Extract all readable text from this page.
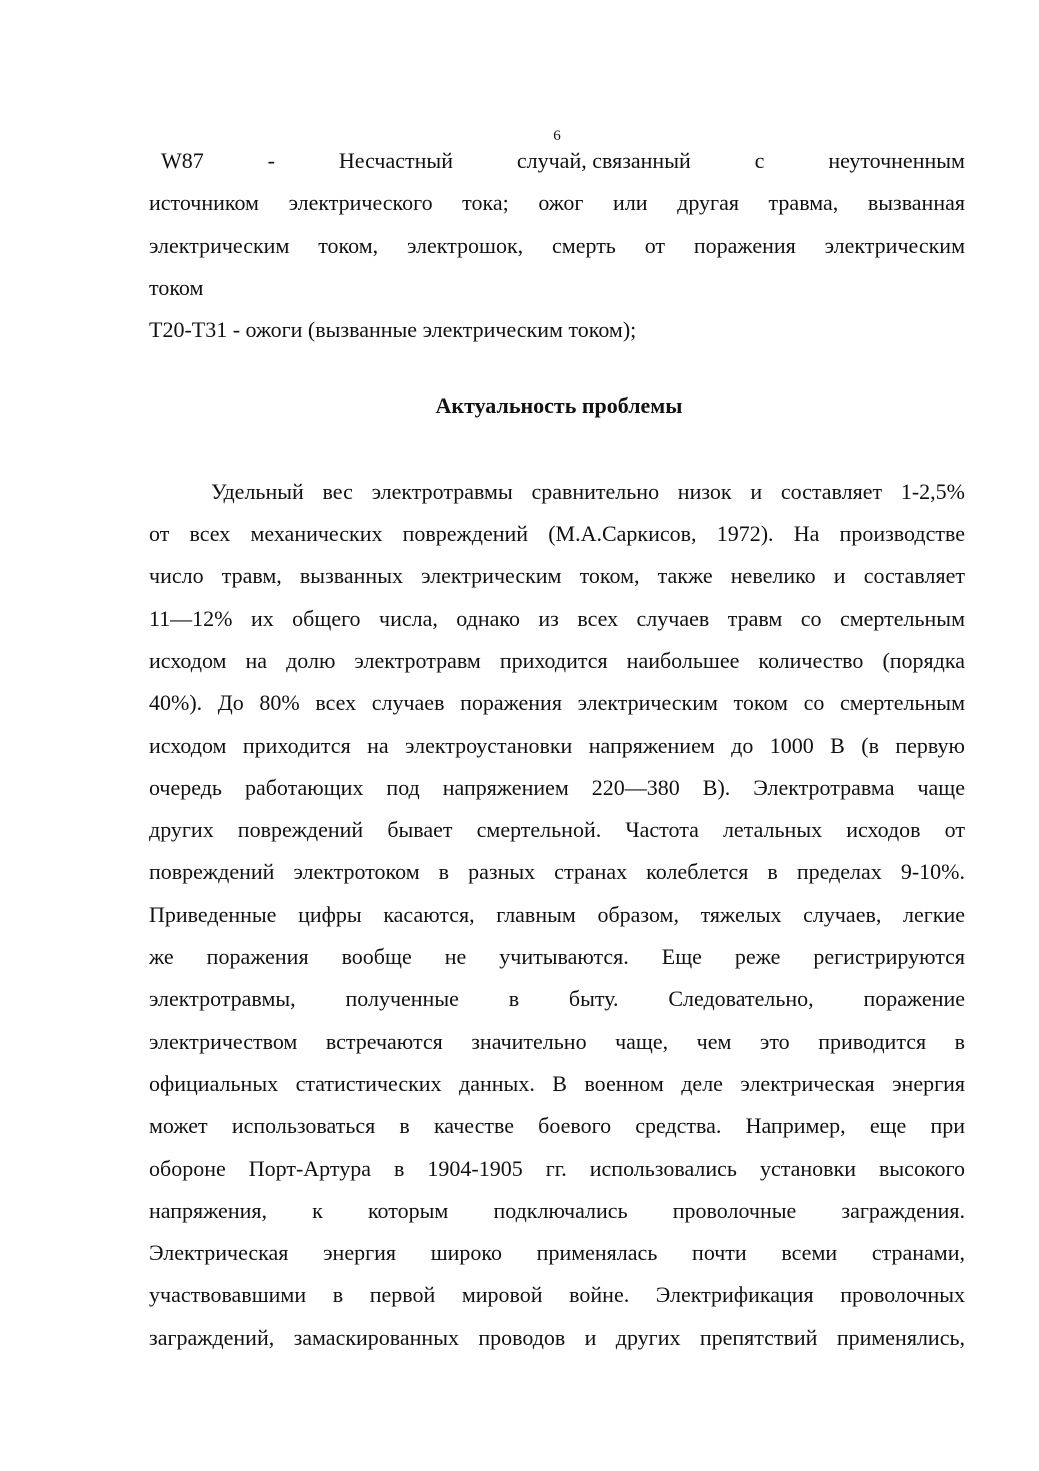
6
W87	-	Несчастный	случай, связанный	с	неуточненным
источником электрического тока; ожог или другая травма, вызванная
электрическим током, электрошок, смерть от поражения электрическим
током
T20-T31 - ожоги (вызванные электрическим током);
Актуальность проблемы
Удельный вес электротравмы сравнительно низок и составляет 1-2,5%
от всех механических повреждений (М.А.Саркисов, 1972). На производстве
число травм, вызванных электрическим током, также невелико и составляет
11—12% их общего числа, однако из всех случаев травм со смертельным
исходом на долю электротравм приходится наибольшее количество (порядка
40%). До 80% всех случаев поражения электрическим током со смертельным
исходом приходится на электроустановки напряжением до 1000 В (в первую
очередь работающих под напряжением 220—380 В). Электротравма чаще
других повреждений бывает смертельной. Частота летальных исходов от
повреждений электротоком в разных странах колеблется в пределах 9-10%.
Приведенные цифры касаются, главным образом, тяжелых случаев, легкие
же поражения вообще не учитываются. Еще реже регистрируются
электротравмы, полученные в быту. Следовательно, поражение
электричеством встречаются значительно чаще, чем это приводится в
официальных статистических данных. В военном деле электрическая энергия
может использоваться в качестве боевого средства. Например, еще при
обороне Порт-Артура в 1904-1905 гг. использовались установки высокого
напряжения, к которым подключались проволочные заграждения.
Электрическая энергия широко применялась почти всеми странами,
участвовавшими в первой мировой войне. Электрификация проволочных
заграждений, замаскированных проводов и других препятствий применялись,
